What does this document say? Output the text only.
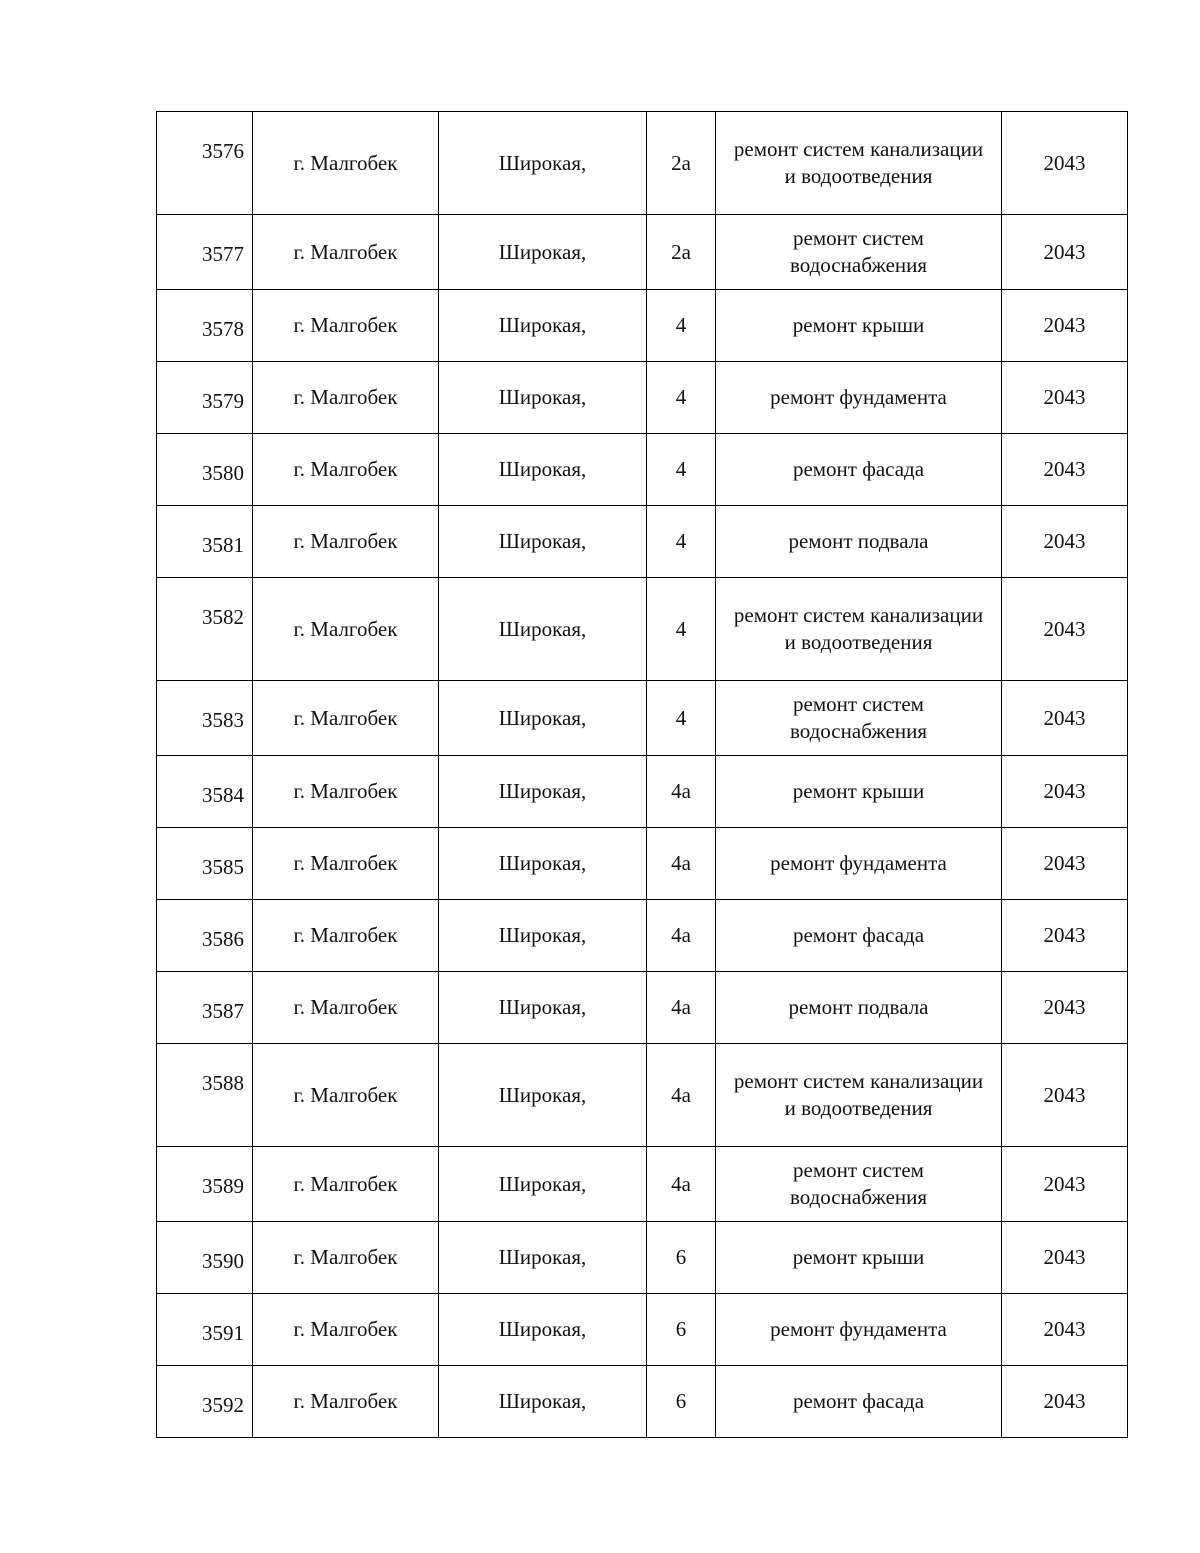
3576	г. Малгобек	Широкая,	2а	ремонт систем канализации и водоотведения	2043
3577	г. Малгобек	Широкая,	2а	ремонт систем водоснабжения	2043
3578	г. Малгобек	Широкая,	4	ремонт крыши	2043
3579	г. Малгобек	Широкая,	4	ремонт фундамента	2043
3580	г. Малгобек	Широкая,	4	ремонт фасада	2043
3581	г. Малгобек	Широкая,	4	ремонт подвала	2043
3582	г. Малгобек	Широкая,	4	ремонт систем канализации и водоотведения	2043
3583	г. Малгобек	Широкая,	4	ремонт систем водоснабжения	2043
3584	г. Малгобек	Широкая,	4а	ремонт крыши	2043
3585	г. Малгобек	Широкая,	4а	ремонт фундамента	2043
3586	г. Малгобек	Широкая,	4а	ремонт фасада	2043
3587	г. Малгобек	Широкая,	4а	ремонт подвала	2043
3588	г. Малгобек	Широкая,	4а	ремонт систем канализации и водоотведения	2043
3589	г. Малгобек	Широкая,	4а	ремонт систем водоснабжения	2043
3590	г. Малгобек	Широкая,	6	ремонт крыши	2043
3591	г. Малгобек	Широкая,	6	ремонт фундамента	2043
3592	г. Малгобек	Широкая,	6	ремонт фасада	2043
